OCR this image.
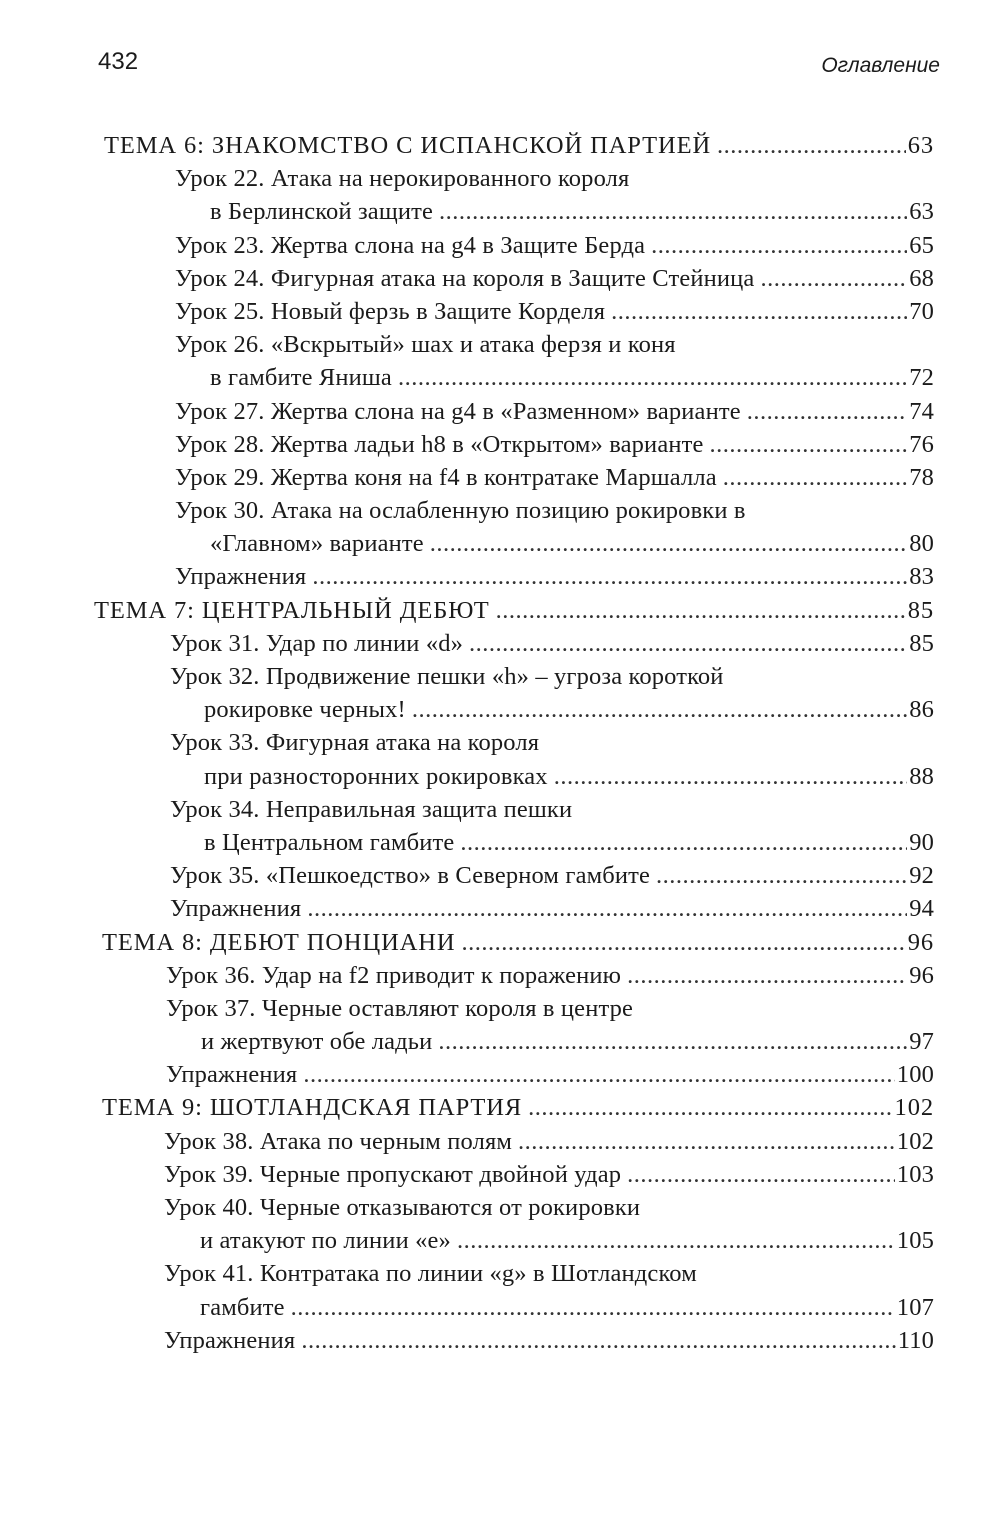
432	Оглавление
ТЕМА 6: ЗНАКОМСТВО С ИСПАНСКОЙ ПАРТИЕЙ .....	63
Урок 22. Атака на нерокированного короля
в Берлинской защите .....	63
Урок 23. Жертва слона на g4 в Защите Берда .....	65
Урок 24. Фигурная атака на короля в Защите Стейница .....	68
Урок 25. Новый ферзь в Защите Корделя .....	70
Урок 26. «Вскрытый» шах и атака ферзя и коня
в гамбите Яниша .....	72
Урок 27. Жертва слона на g4 в «Разменном» варианте .....	74
Урок 28. Жертва ладьи h8 в «Открытом» варианте .....	76
Урок 29. Жертва коня на f4 в контратаке Маршалла .....	78
Урок 30. Атака на ослабленную позицию рокировки в
«Главном» варианте .....	80
Упражнения .....	83
ТЕМА 7: ЦЕНТРАЛЬНЫЙ ДЕБЮТ .....	85
Урок 31. Удар по линии «d» .....	85
Урок 32. Продвижение пешки «h» – угроза короткой
рокировке черных! .....	86
Урок 33. Фигурная атака на короля
при разносторонних рокировках .....	88
Урок 34. Неправильная защита пешки
в Центральном гамбите .....	90
Урок 35. «Пешкоедство» в Северном гамбите .....	92
Упражнения .....	94
ТЕМА 8: ДЕБЮТ ПОНЦИАНИ .....	96
Урок 36. Удар на f2 приводит к поражению .....	96
Урок 37. Черные оставляют короля в центре
и жертвуют обе ладьи .....	97
Упражнения .....	100
ТЕМА 9: ШОТЛАНДСКАЯ ПАРТИЯ .....	102
Урок 38. Атака по черным полям .....	102
Урок 39. Черные пропускают двойной удар .....	103
Урок 40. Черные отказываются от рокировки
и атакуют по линии «e» .....	105
Урок 41. Контратака по линии «g» в Шотландском
гамбите .....	107
Упражнения .....	110
